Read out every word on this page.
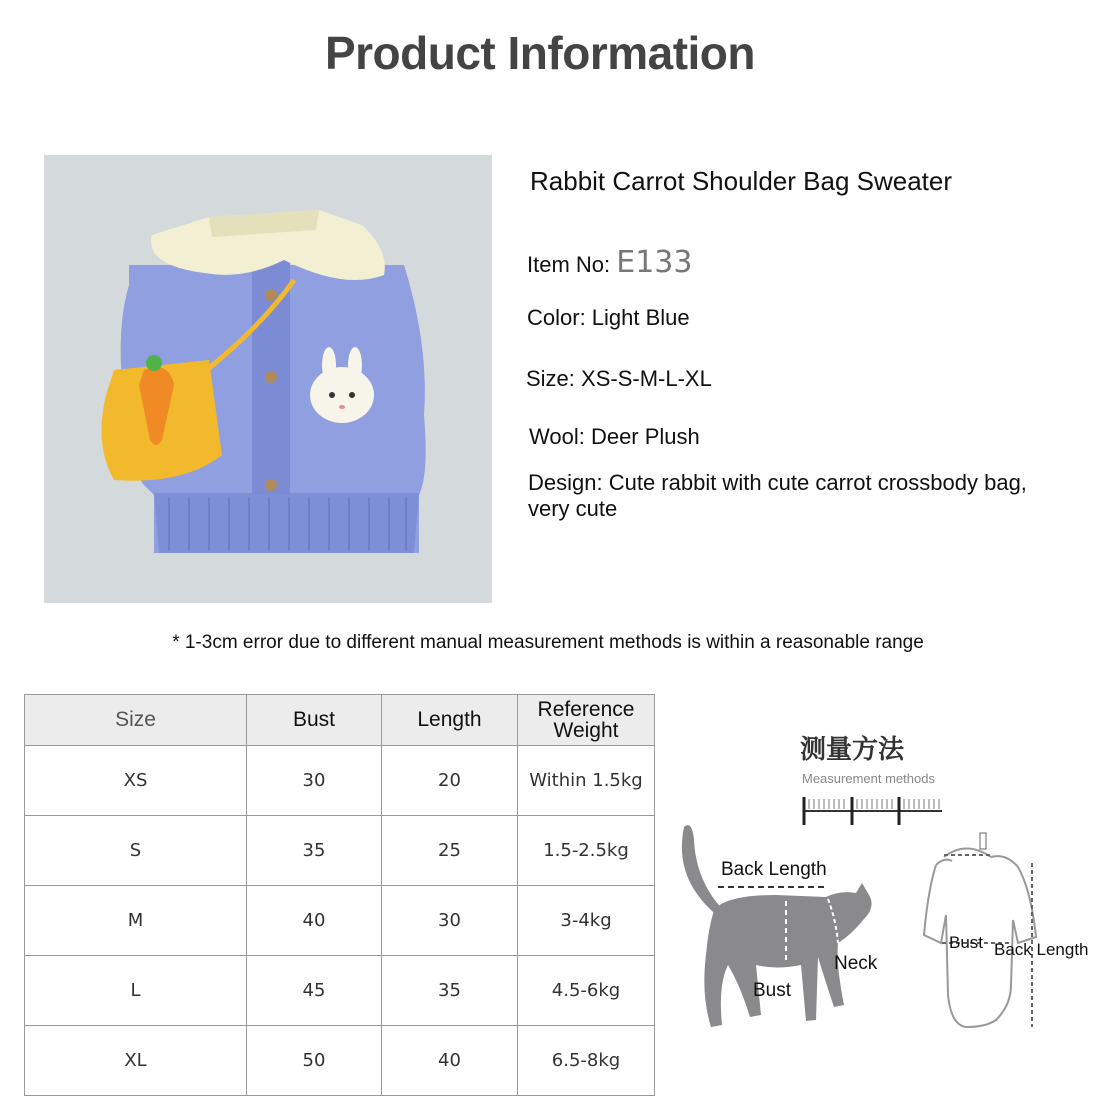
Product Information
Rabbit Carrot Shoulder Bag Sweater
Item No: E133
Color: Light Blue
Size: XS-S-M-L-XL
Wool: Deer Plush
Design: Cute rabbit with cute carrot crossbody bag, very cute
* 1-3cm error due to different manual measurement methods is within a reasonable range
Size	Bust	Length	Reference Weight
XS	30	20	Within 1.5kg
S	35	25	1.5-2.5kg
M	40	30	3-4kg
L	45	35	4.5-6kg
XL	50	40	6.5-8kg
测量方法
Measurement methods
Back Length
Neck
Bust
Bust Back Length
